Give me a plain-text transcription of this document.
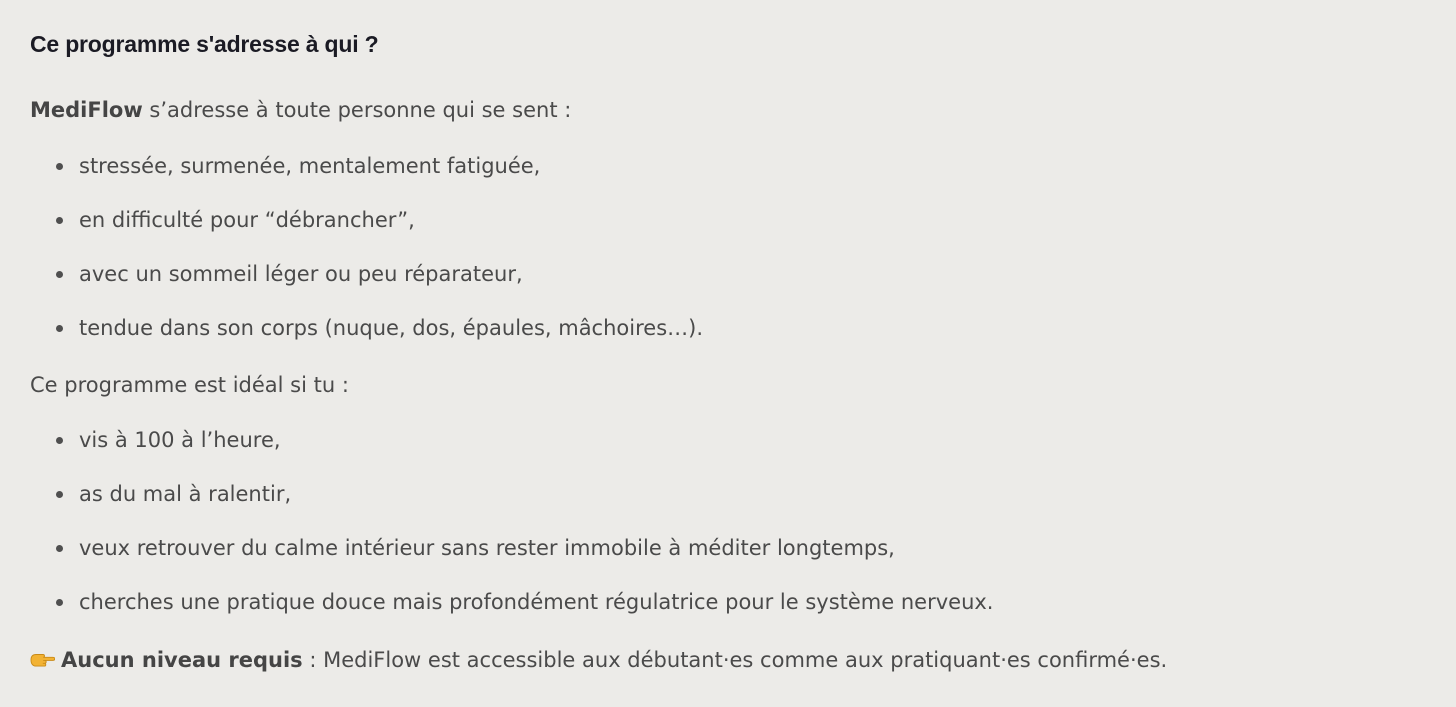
Ce programme s'adresse à qui ?

MediFlow s’adresse à toute personne qui se sent :

stressée, surmenée, mentalement fatiguée,
en difficulté pour “débrancher”,
avec un sommeil léger ou peu réparateur,
tendue dans son corps (nuque, dos, épaules, mâchoires…).

Ce programme est idéal si tu :

vis à 100 à l’heure,
as du mal à ralentir,
veux retrouver du calme intérieur sans rester immobile à méditer longtemps,
cherches une pratique douce mais profondément régulatrice pour le système nerveux.

Aucun niveau requis : MediFlow est accessible aux débutant·es comme aux pratiquant·es confirmé·es.
